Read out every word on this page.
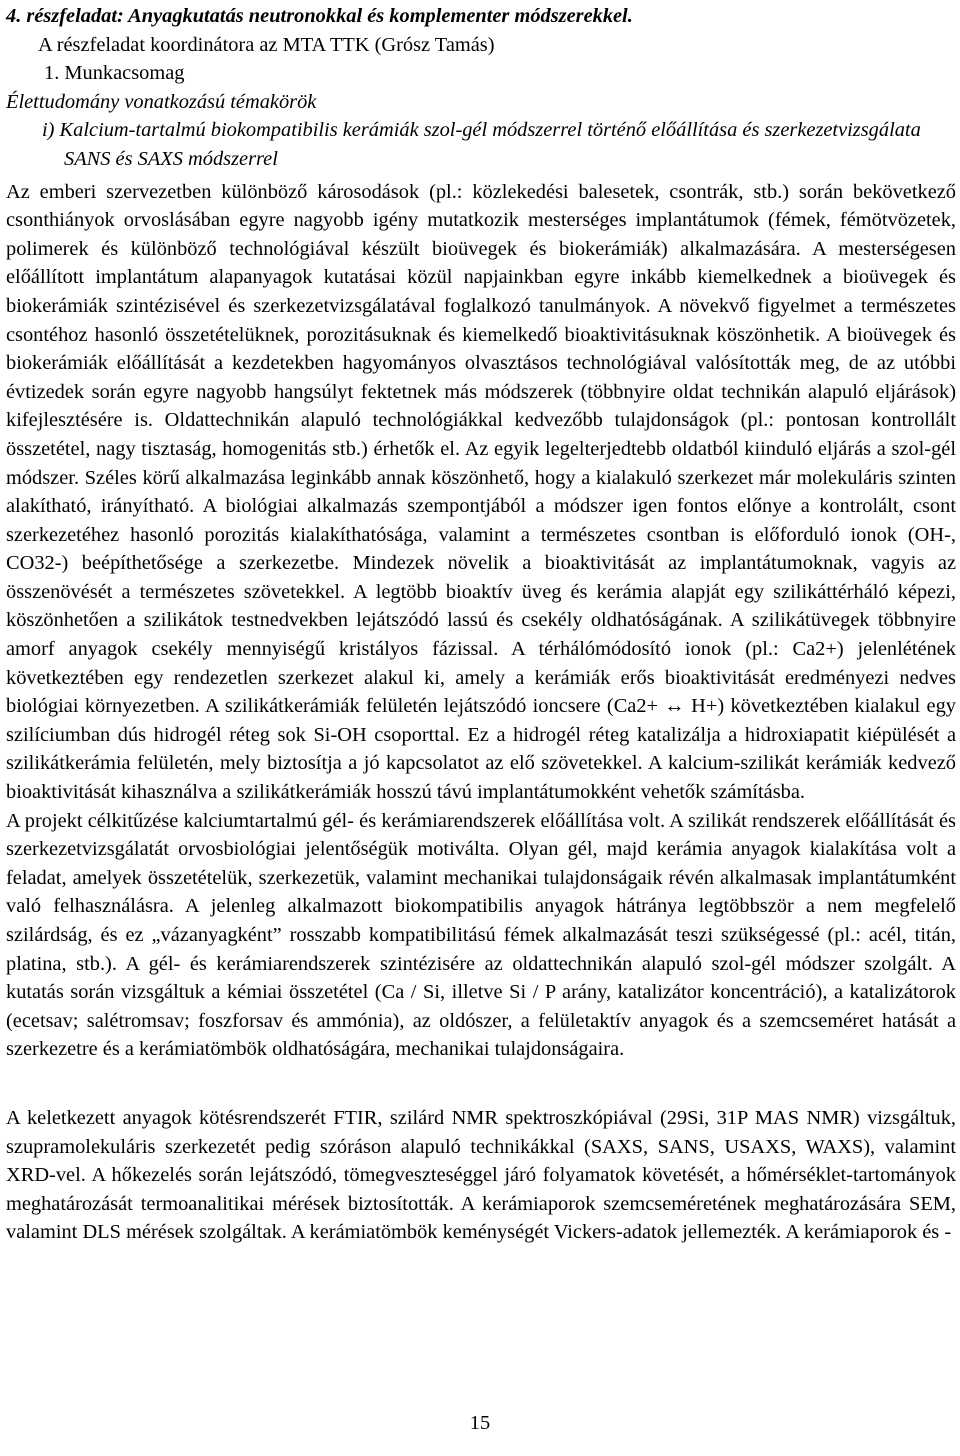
4. részfeladat: Anyagkutatás neutronokkal és komplementer módszerekkel.
A részfeladat koordinátora az MTA TTK (Grósz Tamás)
1. Munkacsomag
Élettudomány vonatkozású témakörök

i) Kalcium-tartalmú biokompatibilis kerámiák szol-gél módszerrel történő előállítása és szerkezetvizsgálata SANS és SAXS módszerrel

Az emberi szervezetben különböző károsodások (pl.: közlekedési balesetek, csontrák, stb.) során bekövetkező csonthiányok orvoslásában egyre nagyobb igény mutatkozik mesterséges implantátumok (fémek, fémötvözetek, polimerek és különböző technológiával készült bioüvegek és biokerámiák) alkalmazására. A mesterségesen előállított implantátum alapanyagok kutatásai közül napjainkban egyre inkább kiemelkednek a bioüvegek és biokerámiák szintézisével és szerkezetvizsgálatával foglalkozó tanulmányok. A növekvő figyelmet a természetes csontéhoz hasonló összetételüknek, porozitásuknak és kiemelkedő bioaktivitásuknak köszönhetik. A bioüvegek és biokerámiák előállítását a kezdetekben hagyományos olvasztásos technológiával valósították meg, de az utóbbi évtizedek során egyre nagyobb hangsúlyt fektetnek más módszerek (többnyire oldat technikán alapuló eljárások) kifejlesztésére is. Oldattechnikán alapuló technológiákkal kedvezőbb tulajdonságok (pl.: pontosan kontrollált összetétel, nagy tisztaság, homogenitás stb.) érhetők el. Az egyik legelterjedtebb oldatból kiinduló eljárás a szol-gél módszer. Széles körű alkalmazása leginkább annak köszönhető, hogy a kialakuló szerkezet már molekuláris szinten alakítható, irányítható. A biológiai alkalmazás szempontjából a módszer igen fontos előnye a kontrolált, csont szerkezetéhez hasonló porozitás kialakíthatósága, valamint a természetes csontban is előforduló ionok (OH-, CO32-) beépíthetősége a szerkezetbe. Mindezek növelik a bioaktivitását az implantátumoknak, vagyis az összenövését a természetes szövetekkel. A legtöbb bioaktív üveg és kerámia alapját egy szilikáttérháló képezi, köszönhetően a szilikátok testnedvekben lejátszódó lassú és csekély oldhatóságának. A szilikátüvegek többnyire amorf anyagok csekély mennyiségű kristályos fázissal. A térhálómódosító ionok (pl.: Ca2+) jelenlétének következtében egy rendezetlen szerkezet alakul ki, amely a kerámiák erős bioaktivitását eredményezi nedves biológiai környezetben. A szilikátkerámiák felületén lejátszódó ioncsere (Ca2+ ↔ H+) következtében kialakul egy szilíciumban dús hidrogél réteg sok Si-OH csoporttal. Ez a hidrogél réteg katalizálja a hidroxiapatit kiépülését a szilikátkerámia felületén, mely biztosítja a jó kapcsolatot az elő szövetekkel. A kalcium-szilikát kerámiák kedvező bioaktivitását kihasználva a szilikátkerámiák hosszú távú implantátumokként vehetők számításba.

A projekt célkitűzése kalciumtartalmú gél- és kerámiarendszerek előállítása volt. A szilikát rendszerek előállítását és szerkezetvizsgálatát orvosbiológiai jelentőségük motiválta. Olyan gél, majd kerámia anyagok kialakítása volt a feladat, amelyek összetételük, szerkezetük, valamint mechanikai tulajdonságaik révén alkalmasak implantátumként való felhasználásra. A jelenleg alkalmazott biokompatibilis anyagok hátránya legtöbbször a nem megfelelő szilárdság, és ez „vázanyagként” rosszabb kompatibilitású fémek alkalmazását teszi szükségessé (pl.: acél, titán, platina, stb.). A gél- és kerámiarendszerek szintézisére az oldattechnikán alapuló szol-gél módszer szolgált. A kutatás során vizsgáltuk a kémiai összetétel (Ca / Si, illetve Si / P arány, katalizátor koncentráció), a katalizátorok (ecetsav; salétromsav; foszforsav és ammónia), az oldószer, a felületaktív anyagok és a szemcseméret hatását a szerkezetre és a kerámiatömbök oldhatóságára, mechanikai tulajdonságaira.

A keletkezett anyagok kötésrendszerét FTIR, szilárd NMR spektroszkópiával (29Si, 31P MAS NMR) vizsgáltuk, szupramolekuláris szerkezetét pedig szóráson alapuló technikákkal (SAXS, SANS, USAXS, WAXS), valamint XRD-vel. A hőkezelés során lejátszódó, tömegveszteséggel járó folyamatok követését, a hőmérséklet-tartományok meghatározását termoanalitikai mérések biztosították. A kerámiaporok szemcseméretének meghatározására SEM, valamint DLS mérések szolgáltak. A kerámiatömbök keménységét Vickers-adatok jellemezték. A kerámiaporok és -

15
